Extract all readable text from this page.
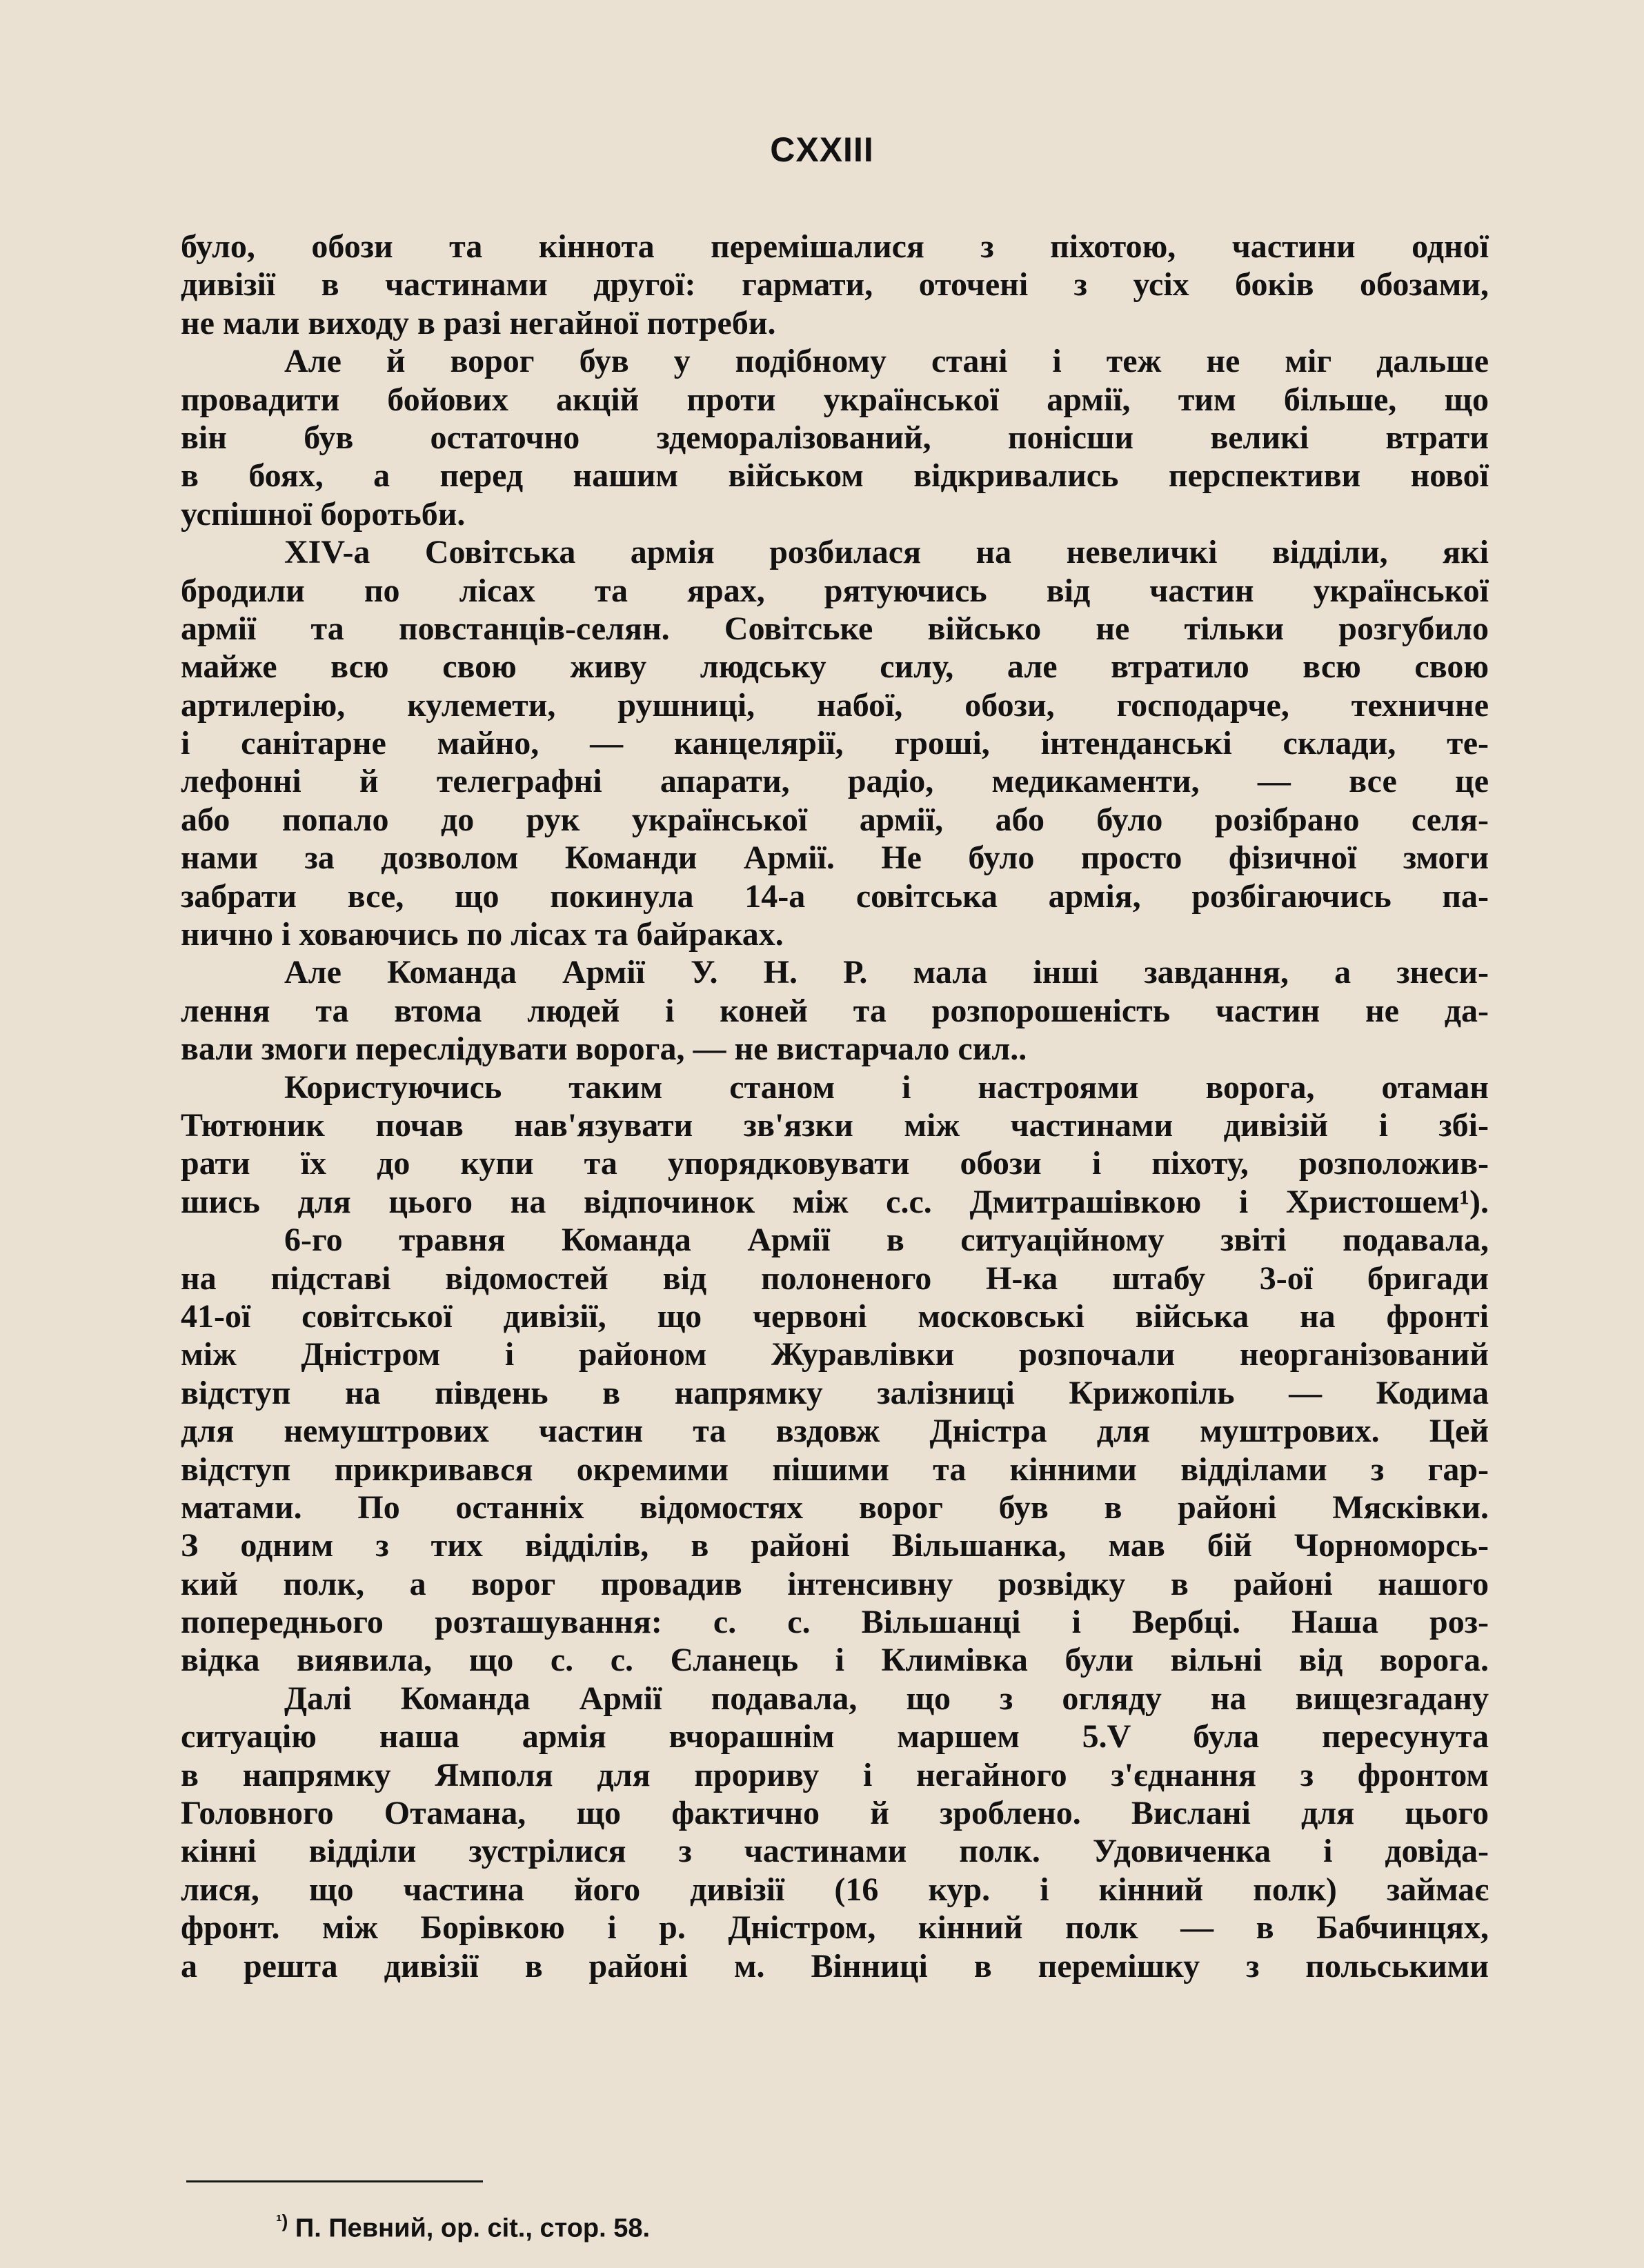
CXXIII
було, обози та кіннота перемішалися з піхотою, частини одної
дивізії в частинами другої: гармати, оточені з усіх боків обозами,
не мали виходу в разі негайної потреби.
Але й ворог був у подібному стані і теж не міг дальше
провадити бойових акцій проти української армії, тим більше, що
він був остаточно здеморалізований, понісши великі втрати
в боях, а перед нашим військом відкривались перспективи нової
успішної боротьби.
XIV-а Совітська армія розбилася на невеличкі відділи, які
бродили по лісах та ярах, рятуючись від частин української
армії та повстанців-селян. Совітське військо не тільки розгубило
майже всю свою живу людську силу, але втратило всю свою
артилерію, кулемети, рушниці, набої, обози, господарче, техничне
і санітарне майно, — канцелярії, гроші, інтенданські склади, те-
лефонні й телеграфні апарати, радіо, медикаменти, — все це
або попало до рук української армії, або було розібрано селя-
нами за дозволом Команди Армії. Не було просто фізичної змоги
забрати все, що покинула 14-а совітська армія, розбігаючись па-
нично і ховаючись по лісах та байраках.
Але Команда Армії У. Н. Р. мала інші завдання, а знеси-
лення та втома людей і коней та розпорошеність частин не да-
вали змоги переслідувати ворога, — не вистарчало сил..
Користуючись таким станом і настроями ворога, отаман
Тютюник почав нав'язувати зв'язки між частинами дивізій і збі-
рати їх до купи та упорядковувати обози і піхоту, розположив-
шись для цього на відпочинок між с.с. Дмитрашівкою і Христошем¹).
6-го травня Команда Армії в ситуаційному звіті подавала,
на підставі відомостей від полоненого Н-ка штабу 3-ої бригади
41-ої совітської дивізії, що червоні московські війська на фронті
між Дністром і районом Журавлівки розпочали неорганізований
відступ на південь в напрямку залізниці Крижопіль — Кодима
для немуштрових частин та вздовж Дністра для муштрових. Цей
відступ прикривався окремими пішими та кінними відділами з гар-
матами. По останніх відомостях ворог був в районі Мясківки.
З одним з тих відділів, в районі Вільшанка, мав бій Чорноморсь-
кий полк, а ворог провадив інтенсивну розвідку в районі нашого
попереднього розташування: с. с. Вільшанці і Вербці. Наша роз-
відка виявила, що с. с. Єланець і Климівка були вільні від ворога.
Далі Команда Армії подавала, що з огляду на вищезгадану
ситуацію наша армія вчорашнім маршем 5.V була пересунута
в напрямку Ямполя для прориву і негайного з'єднання з фронтом
Головного Отамана, що фактично й зроблено. Вислані для цього
кінні відділи зустрілися з частинами полк. Удовиченка і довіда-
лися, що частина його дивізії (16 кур. і кінний полк) займає
фронт. між Борівкою і р. Дністром, кінний полк — в Бабчинцях,
а решта дивізії в районі м. Вінниці в перемішку з польськими
$^{^1)}$ П. Певний, op. cit., стор. 58.
